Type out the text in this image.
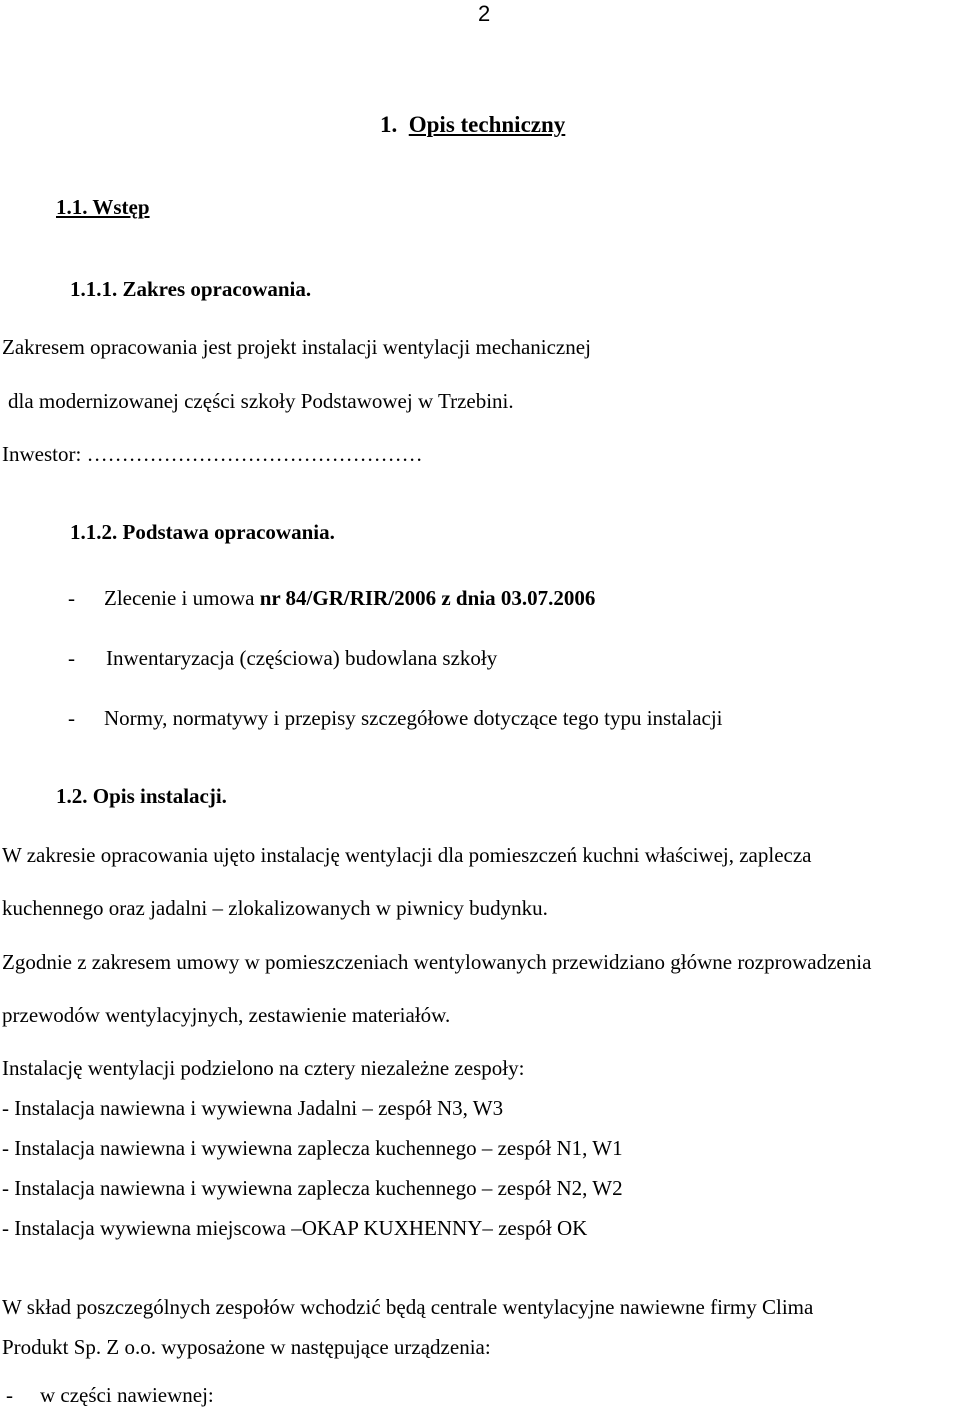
2
1. Opis techniczny
1.1. Wstęp
1.1.1. Zakres opracowania.
Zakresem opracowania jest projekt instalacji wentylacji mechanicznej
dla modernizowanej części szkoły Podstawowej w Trzebini.
Inwestor: …………………………………………
1.1.2. Podstawa opracowania.
- Zlecenie i umowa nr 84/GR/RIR/2006 z dnia 03.07.2006
- Inwentaryzacja (częściowa) budowlana szkoły
- Normy, normatywy i przepisy szczegółowe dotyczące tego typu instalacji
1.2. Opis instalacji.
W zakresie opracowania ujęto instalację wentylacji dla pomieszczeń kuchni właściwej, zaplecza
kuchennego oraz jadalni – zlokalizowanych w piwnicy budynku.
Zgodnie z zakresem umowy w pomieszczeniach wentylowanych przewidziano główne rozprowadzenia
przewodów wentylacyjnych, zestawienie materiałów.
Instalację wentylacji podzielono na cztery niezależne zespoły:
- Instalacja nawiewna i wywiewna Jadalni – zespół N3, W3
- Instalacja nawiewna i wywiewna zaplecza kuchennego – zespół N1, W1
- Instalacja nawiewna i wywiewna zaplecza kuchennego – zespół N2, W2
- Instalacja wywiewna miejscowa –OKAP KUXHENNY– zespół OK
W skład poszczególnych zespołów wchodzić będą centrale wentylacyjne nawiewne firmy Clima
Produkt Sp. Z o.o. wyposażone w następujące urządzenia:
- w części nawiewnej:
